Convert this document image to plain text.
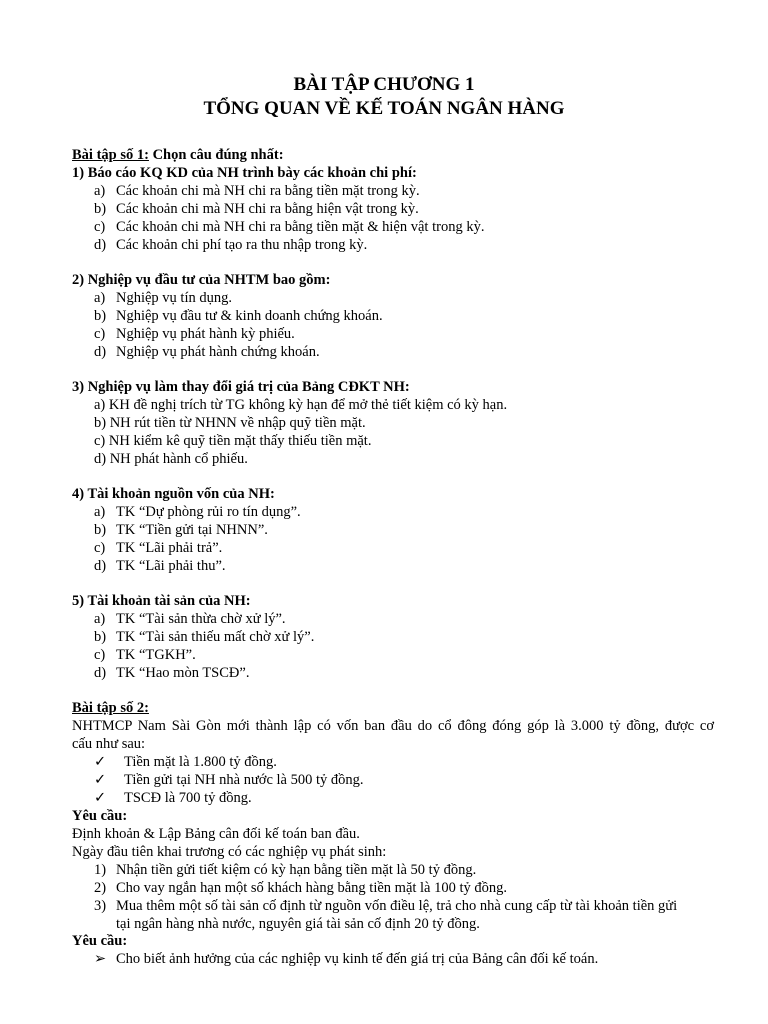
BÀI TẬP CHƯƠNG 1
TỔNG QUAN VỀ KẾ TOÁN NGÂN HÀNG
Bài tập số 1: Chọn câu đúng nhất:
1) Báo cáo KQ KD của NH trình bày các khoản chi phí:
a) Các khoản chi mà NH chi ra bằng tiền mặt trong kỳ.
b) Các khoản chi mà NH chi ra bằng hiện vật trong kỳ.
c) Các khoản chi mà NH chi ra bằng tiền mặt & hiện vật trong kỳ.
d) Các khoản chi phí tạo ra thu nhập trong kỳ.
2) Nghiệp vụ đầu tư của NHTM bao gồm:
a) Nghiệp vụ tín dụng.
b) Nghiệp vụ đầu tư & kinh doanh chứng khoán.
c) Nghiệp vụ phát hành kỳ phiếu.
d) Nghiệp vụ phát hành chứng khoán.
3) Nghiệp vụ làm thay đổi giá trị của Bảng CĐKT NH:
a) KH đề nghị trích từ TG không kỳ hạn để mở thẻ tiết kiệm có kỳ hạn.
b) NH rút tiền từ NHNN về nhập quỹ tiền mặt.
c) NH kiểm kê quỹ tiền mặt thấy thiếu tiền mặt.
d) NH phát hành cổ phiếu.
4) Tài khoản nguồn vốn của NH:
a) TK “Dự phòng rủi ro tín dụng”.
b) TK “Tiền gửi tại NHNN”.
c) TK “Lãi phải trả”.
d) TK “Lãi phải thu”.
5) Tài khoản tài sản của NH:
a) TK “Tài sản thừa chờ xử lý”.
b) TK “Tài sản thiếu mất chờ xử lý”.
c) TK “TGKH”.
d) TK “Hao mòn TSCĐ”.
Bài tập số 2:
NHTMCP Nam Sài Gòn mới thành lập có vốn ban đầu do cổ đông đóng góp là 3.000 tỷ đồng, được cơ
cấu như sau:
✓ Tiền mặt là 1.800 tỷ đồng.
✓ Tiền gửi tại NH nhà nước là 500 tỷ đồng.
✓ TSCĐ là 700 tỷ đồng.
Yêu cầu:
Định khoản & Lập Bảng cân đối kế toán ban đầu.
Ngày đầu tiên khai trương có các nghiệp vụ phát sinh:
1) Nhận tiền gửi tiết kiệm có kỳ hạn bằng tiền mặt là 50 tỷ đồng.
2) Cho vay ngắn hạn một số khách hàng bằng tiền mặt là 100 tỷ đồng.
3) Mua thêm một số tài sản cố định từ nguồn vốn điều lệ, trả cho nhà cung cấp từ tài khoản tiền gửi
tại ngân hàng nhà nước, nguyên giá tài sản cố định 20 tỷ đồng.
Yêu cầu:
➢ Cho biết ảnh hưởng của các nghiệp vụ kinh tế đến giá trị của Bảng cân đối kế toán.
